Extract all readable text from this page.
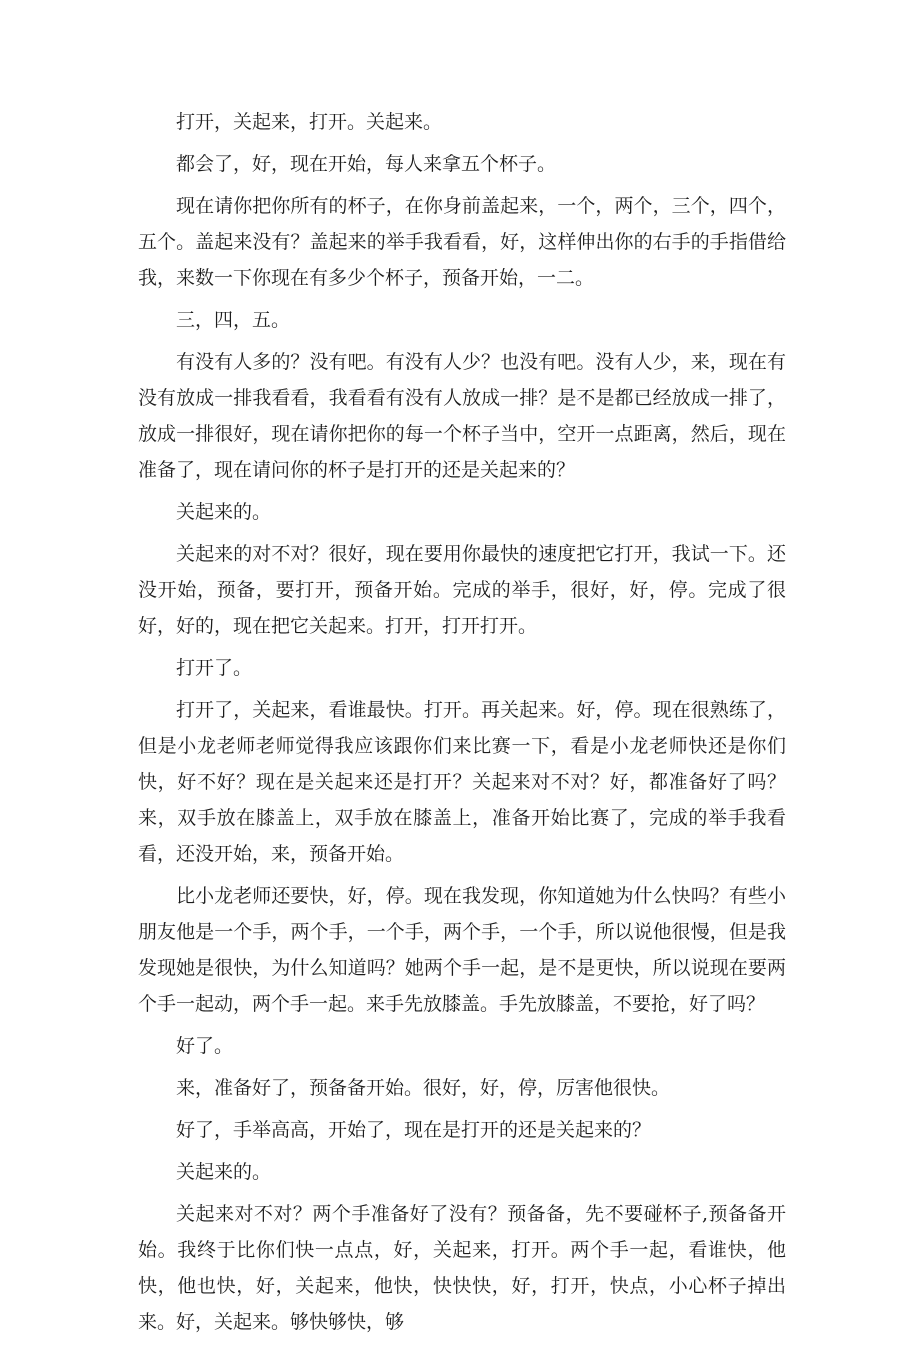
打开，关起来，打开。关起来。

都会了，好，现在开始，每人来拿五个杯子。

现在请你把你所有的杯子，在你身前盖起来，一个，两个，三个，四个，五个。盖起来没有？盖起来的举手我看看，好，这样伸出你的右手的手指借给我，来数一下你现在有多少个杯子，预备开始，一二。

三，四，五。

有没有人多的？没有吧。有没有人少？也没有吧。没有人少，来，现在有没有放成一排我看看，我看看有没有人放成一排？是不是都已经放成一排了，放成一排很好，现在请你把你的每一个杯子当中，空开一点距离，然后，现在准备了，现在请问你的杯子是打开的还是关起来的？

关起来的。

关起来的对不对？很好，现在要用你最快的速度把它打开，我试一下。还没开始，预备，要打开，预备开始。完成的举手，很好，好，停。完成了很好，好的，现在把它关起来。打开，打开打开。

打开了。

打开了，关起来，看谁最快。打开。再关起来。好，停。现在很熟练了，但是小龙老师老师觉得我应该跟你们来比赛一下，看是小龙老师快还是你们快，好不好？现在是关起来还是打开？关起来对不对？好，都准备好了吗？来，双手放在膝盖上，双手放在膝盖上，准备开始比赛了，完成的举手我看看，还没开始，来，预备开始。

比小龙老师还要快，好，停。现在我发现，你知道她为什么快吗？有些小朋友他是一个手，两个手，一个手，两个手，一个手，所以说他很慢，但是我发现她是很快，为什么知道吗？她两个手一起，是不是更快，所以说现在要两个手一起动，两个手一起。来手先放膝盖。手先放膝盖，不要抢，好了吗？

好了。

来，准备好了，预备备开始。很好，好，停，厉害他很快。

好了，手举高高，开始了，现在是打开的还是关起来的？

关起来的。

关起来对不对？两个手准备好了没有？预备备，先不要碰杯子,预备备开始。我终于比你们快一点点，好，关起来，打开。两个手一起，看谁快，他快，他也快，好，关起来，他快，快快快，好，打开，快点，小心杯子掉出来。好，关起来。够快够快，够
